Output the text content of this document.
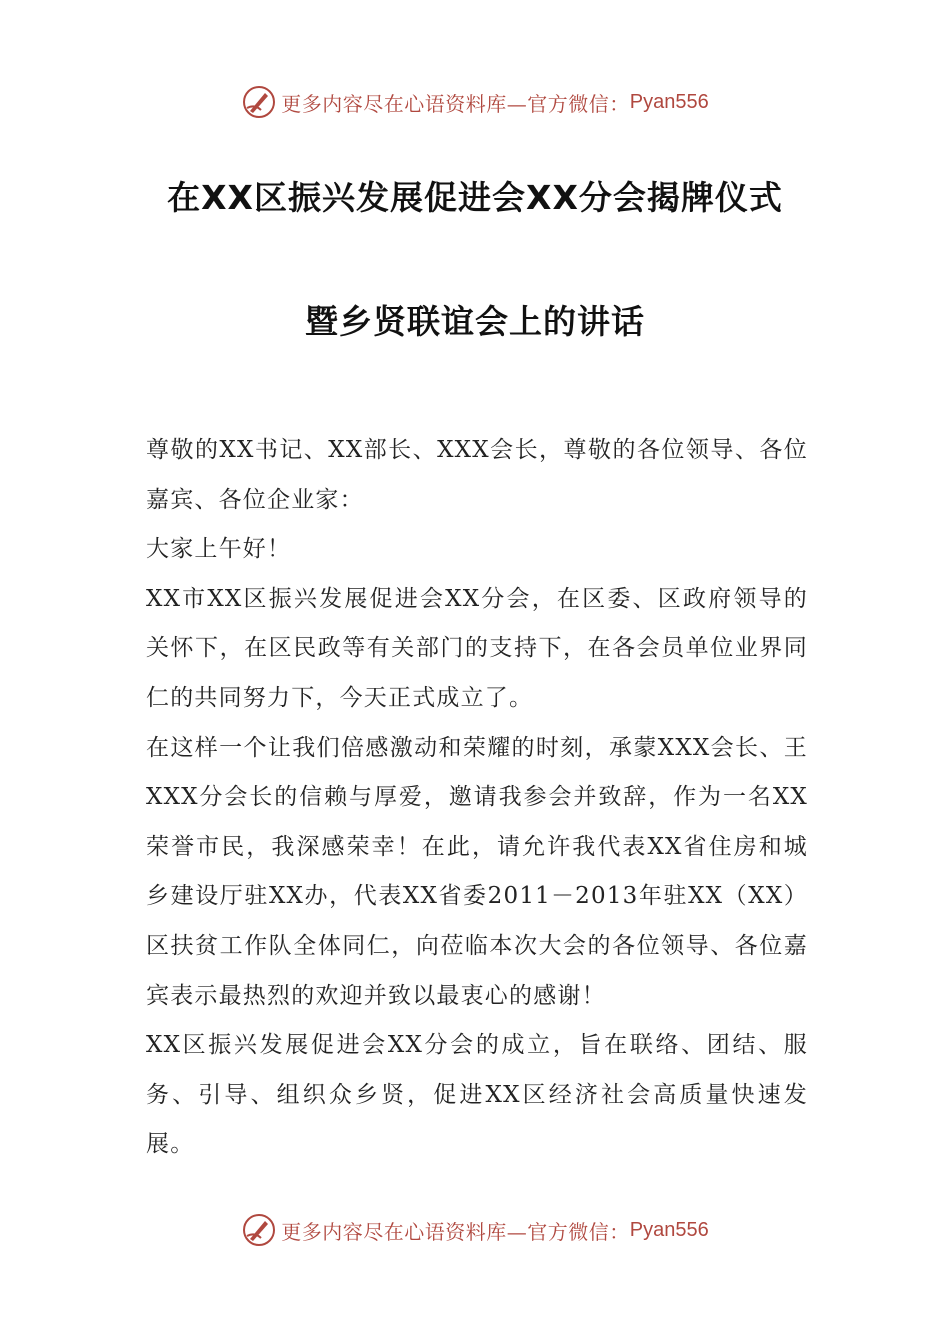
更多内容尽在心语资料库—官方微信： Pyan556
在XX区振兴发展促进会XX分会揭牌仪式
暨乡贤联谊会上的讲话

尊敬的XX书记、XX部长、XXX会长，尊敬的各位领导、各位嘉宾、各位企业家：

大家上午好！

XX市XX区振兴发展促进会XX分会，在区委、区政府领导的关怀下，在区民政等有关部门的支持下，在各会员单位业界同仁的共同努力下，今天正式成立了。

在这样一个让我们倍感激动和荣耀的时刻，承蒙XXX会长、王XXX分会长的信赖与厚爱，邀请我参会并致辞，作为一名XX荣誉市民，我深感荣幸！在此，请允许我代表XX省住房和城乡建设厅驻XX办，代表XX省委2011－2013年驻XX（XX）区扶贫工作队全体同仁，向莅临本次大会的各位领导、各位嘉宾表示最热烈的欢迎并致以最衷心的感谢！

XX区振兴发展促进会XX分会的成立，旨在联络、团结、服务、引导、组织众乡贤，促进XX区经济社会高质量快速发展。

更多内容尽在心语资料库—官方微信： Pyan556
